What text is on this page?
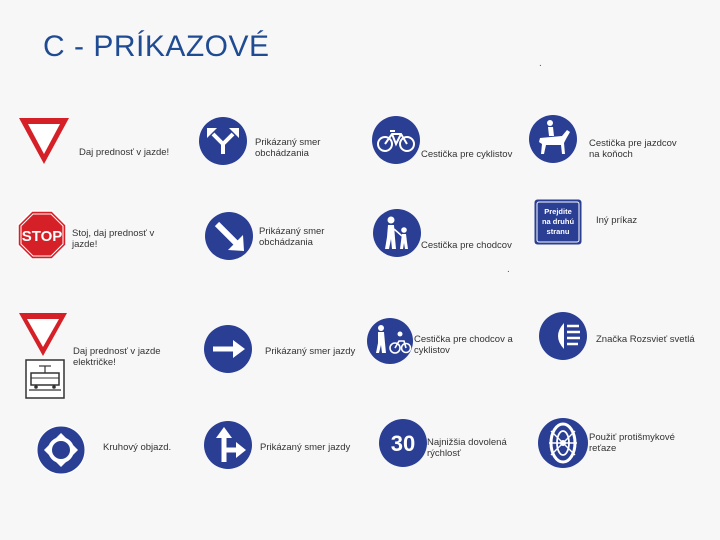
C - PRÍKAZOVÉ
.
.
Daj prednosť v jazde!
STOP Stoj, daj prednosť v jazde!
Daj prednosť v jazde električke!
Kruhový objazd.
Prikázaný smer obchádzania
Prikázaný smer obchádzania
Prikázaný smer jazdy
Prikázaný smer jazdy
Cestička pre cyklistov
Cestička pre chodcov
Cestička pre chodcov a cyklistov
30 Najnižšia dovolená rýchlosť
Cestička pre jazdcov na koňoch
Prejdite
na druhú
stranu
Iný príkaz
Značka Rozsvieť svetlá
Použiť protišmykové reťaze
